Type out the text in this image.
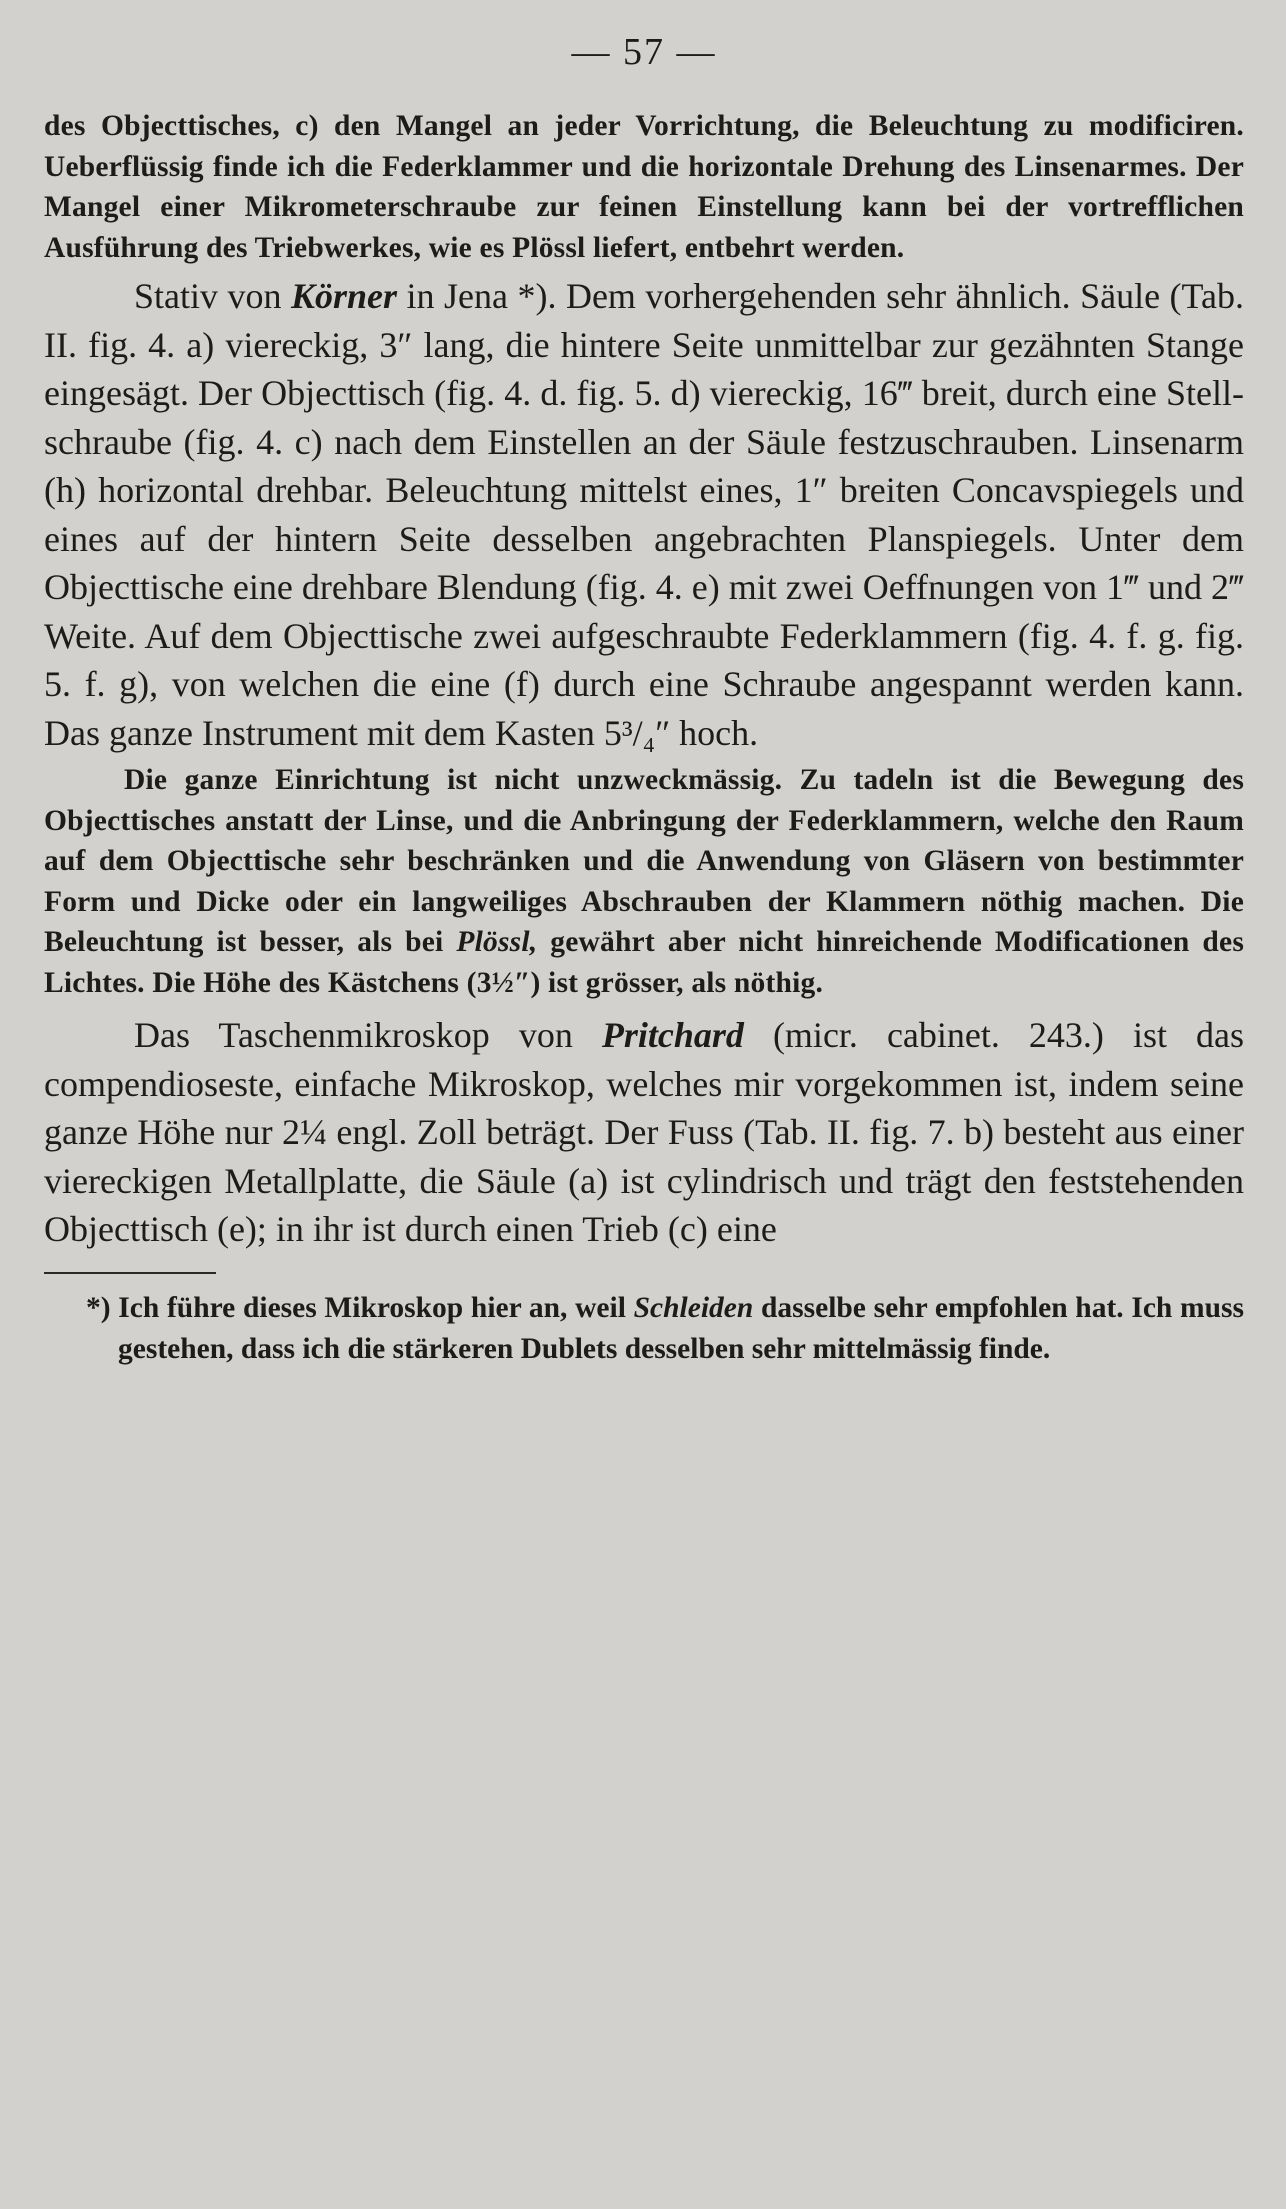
— 57 —

des Objecttisches, c) den Mangel an jeder Vorrichtung, die Beleuchtung zu modificiren. Ueberflüssig finde ich die Federklammer und die horizontale Drehung des Linsenarmes. Der Mangel einer Mikrometerschraube zur feinen Einstellung kann bei der vortrefflichen Ausführung des Triebwerkes, wie es Plössl liefert, entbehrt werden.

Stativ von Körner in Jena *). Dem vorhergehenden sehr ähnlich. Säule (Tab. II. fig. 4. a) viereckig, 3″ lang, die hintere Seite unmittelbar zur gezähnten Stange eingesägt. Der Objecttisch (fig. 4. d. fig. 5. d) viereckig, 16‴ breit, durch eine Stellschraube (fig. 4. c) nach dem Einstellen an der Säule festzuschrauben. Linsenarm (h) horizontal drehbar. Beleuchtung mittelst eines, 1″ breiten Concavspiegels und eines auf der hintern Seite desselben angebrachten Planspiegels. Unter dem Objecttische eine drehbare Blendung (fig. 4. e) mit zwei Oeffnungen von 1‴ und 2‴ Weite. Auf dem Objecttische zwei aufgeschraubte Federklammern (fig. 4. f. g. fig. 5. f. g), von welchen die eine (f) durch eine Schraube angespannt werden kann. Das ganze Instrument mit dem Kasten 5³/₄″ hoch.

Die ganze Einrichtung ist nicht unzweckmässig. Zu tadeln ist die Bewegung des Objecttisches anstatt der Linse, und die Anbringung der Federklammern, welche den Raum auf dem Objecttische sehr beschränken und die Anwendung von Gläsern von bestimmter Form und Dicke oder ein langweiliges Abschrauben der Klammern nöthig machen. Die Beleuchtung ist besser, als bei Plössl, gewährt aber nicht hinreichende Modificationen des Lichtes. Die Höhe des Kästchens (3½″) ist grösser, als nöthig.

Das Taschenmikroskop von Pritchard (micr. cabinet. 243.) ist das compendioseste, einfache Mikroskop, welches mir vorgekommen ist, indem seine ganze Höhe nur 2¼ engl. Zoll beträgt. Der Fuss (Tab. II. fig. 7. b) besteht aus einer viereckigen Metallplatte, die Säule (a) ist cylindrisch und trägt den feststehenden Objecttisch (e); in ihr ist durch einen Trieb (c) eine

*) Ich führe dieses Mikroskop hier an, weil Schleiden dasselbe sehr empfohlen hat. Ich muss gestehen, dass ich die stärkeren Dublets desselben sehr mittelmässig finde.
